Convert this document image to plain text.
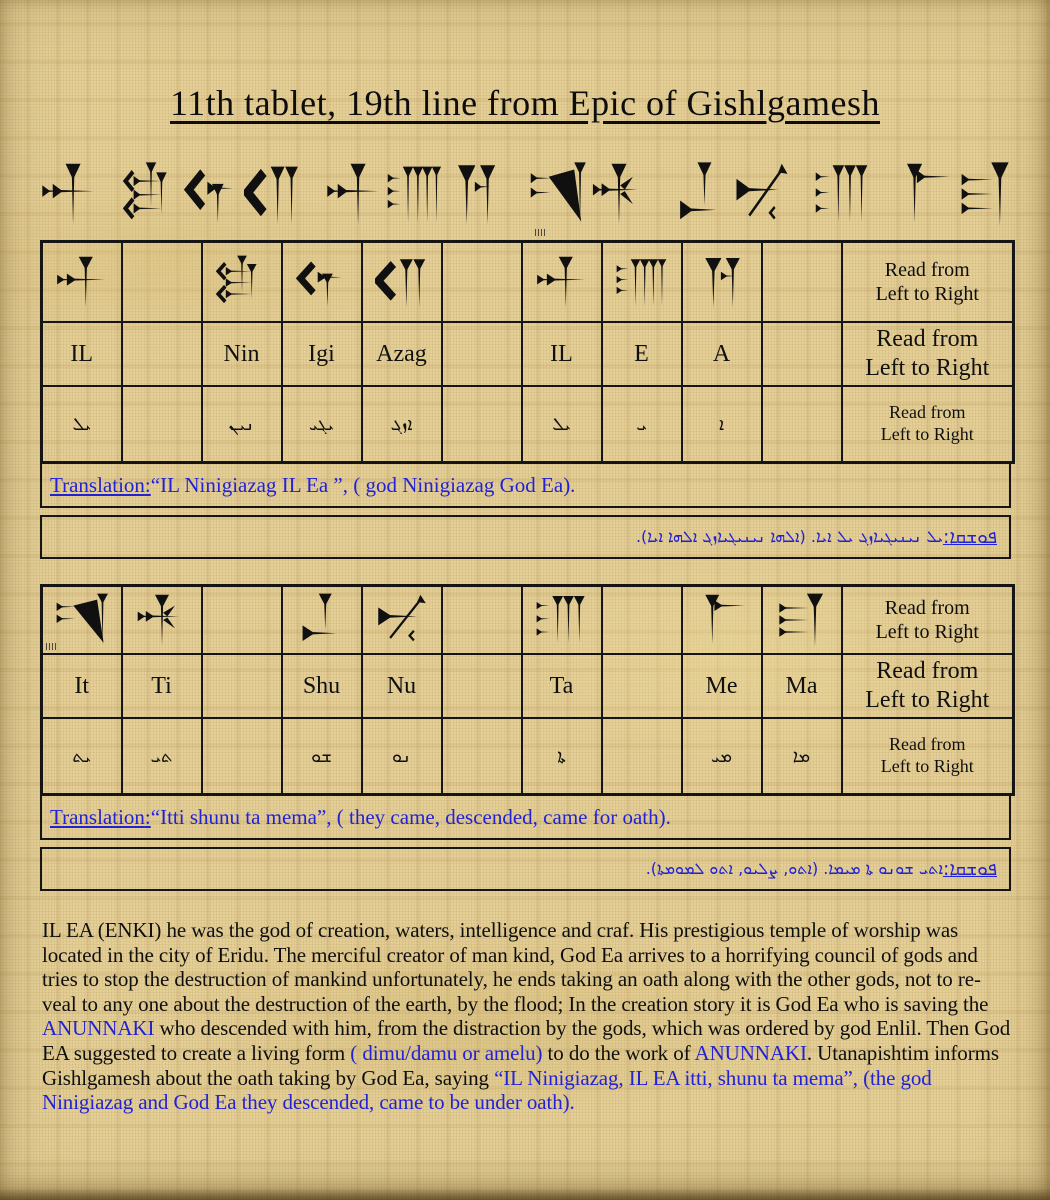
11th tablet, 19th line from Epic of Gishlgamesh

Read from
Left to Right

IL		Nin	Igi	Azag		IL	E	A		Read from
Left to Right

ܝܠ		ܢܝܢ	ܝܓܝ	ܐܙܓ		ܝܠ	ܝ	ܐ		Read from
Left to Right
Translation : “IL Ninigiazag IL Ea ”, ( god Ninigiazag God Ea).
ܦܘܫܩܐ :
ܝܠ ܢܝܢܝܓܝܐܙܓ ܝܠ ܐܝܐ. (ܐܠܗܐ ܢܝܢܝܓܝܐܙܓ ܐܠܗܐ ܐܝܐ).

Read from
Left to Right

It	Ti		Shu	Nu		Ta		Me	Ma	Read from
Left to Right

ܝܬ	ܬܝ		ܫܘ	ܢܘ		ܬܐ		ܡܝ	ܡܐ	Read from
Left to Right
Translation : “Itti shunu ta mema”, ( they came, descended, came for oath).
ܦܘܫܩܐ :
ܐܬܝ ܫܘܢܘ ܬܐ ܡܝܡܐ. (ܐܬܘ, ܨܠܝܘ, ܐܬܘ ܠܡܘܡܬܐ).

IL EA (ENKI) he was the god of creation, waters, intelligence and craf. His prestigious temple of worship was located in the city of Eridu. The merciful creator of man kind, God Ea arrives to a horrifying council of gods and tries to stop the destruction of mankind unfortunately, he ends taking an oath along with the other gods, not to re-veal to any one about the destruction of the earth, by the flood; In the creation story it is God Ea who is saving the ANUNNAKI who descended with him, from the distraction by the gods, which was ordered by god Enlil. Then God EA suggested to create a living form ( dimu/damu or amelu) to do the work of ANUNNAKI. Utanapishtim informs Gishlgamesh about the oath taking by God Ea, saying “IL Ninigiazag, IL EA itti, shunu ta mema”, (the god Ninigiazag and God Ea they descended, came to be under oath).
